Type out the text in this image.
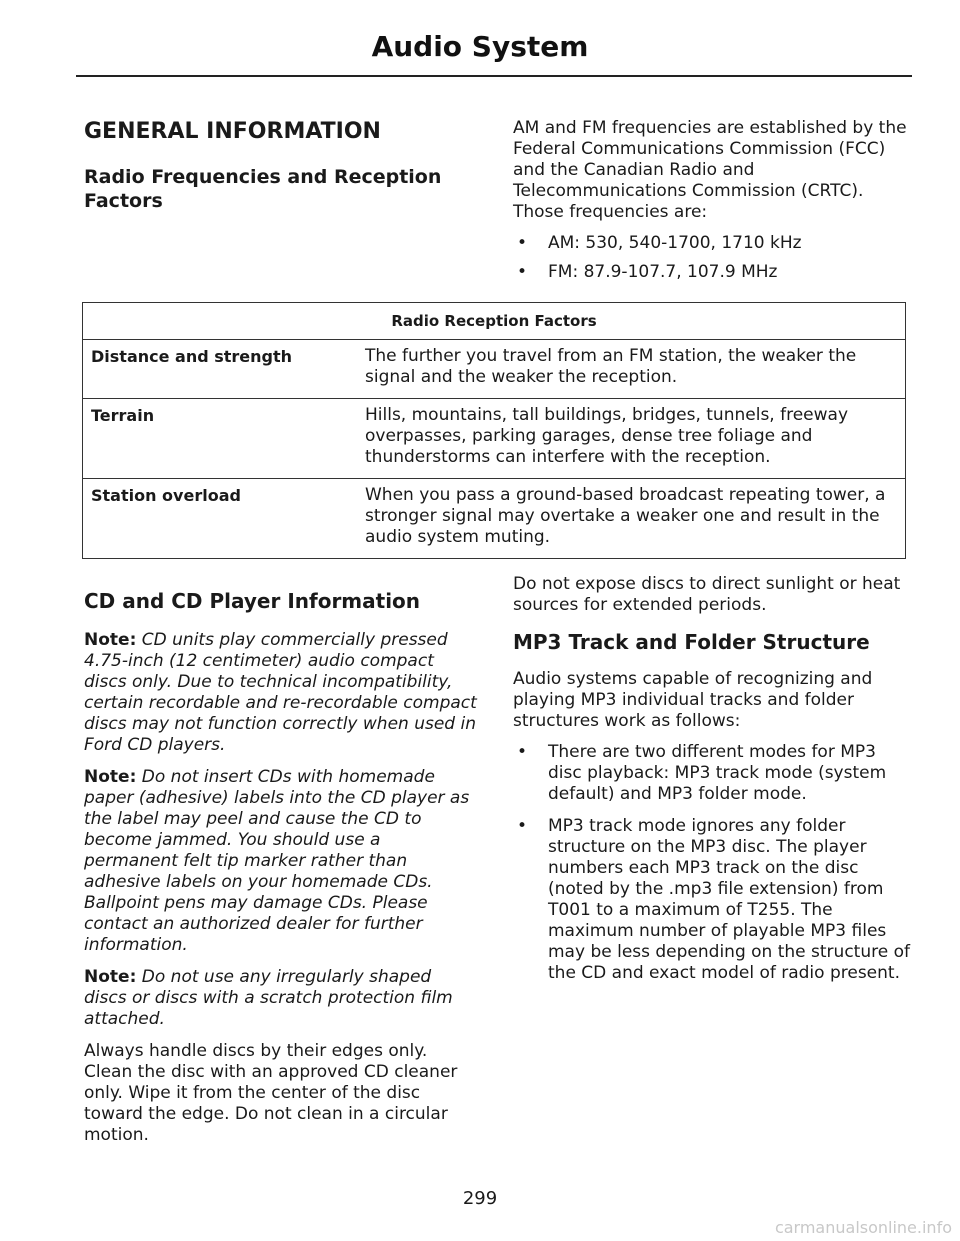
Audio System
GENERAL INFORMATION
Radio Frequencies and Reception Factors

AM and FM frequencies are established by the Federal Communications Commission (FCC) and the Canadian Radio and Telecommunications Commission (CRTC). Those frequencies are:

• AM: 530, 540-1700, 1710 kHz
• FM: 87.9-107.7, 107.9 MHz
Radio Reception Factors	
Distance and strength	The further you travel from an FM station, the weaker the signal and the weaker the reception.
Terrain	Hills, mountains, tall buildings, bridges, tunnels, freeway overpasses, parking garages, dense tree foliage and thunderstorms can interfere with the reception.
Station overload	When you pass a ground-based broadcast repeating tower, a stronger signal may overtake a weaker one and result in the audio system muting.
CD and CD Player Information

Note: CD units play commercially pressed 4.75-inch (12 centimeter) audio compact discs only. Due to technical incompatibility, certain recordable and re-recordable compact discs may not function correctly when used in Ford CD players.

Note: Do not insert CDs with homemade paper (adhesive) labels into the CD player as the label may peel and cause the CD to become jammed. You should use a permanent felt tip marker rather than adhesive labels on your homemade CDs. Ballpoint pens may damage CDs. Please contact an authorized dealer for further information.

Note: Do not use any irregularly shaped discs or discs with a scratch protection film attached.

Always handle discs by their edges only. Clean the disc with an approved CD cleaner only. Wipe it from the center of the disc toward the edge. Do not clean in a circular motion.

Do not expose discs to direct sunlight or heat sources for extended periods.

MP3 Track and Folder Structure

Audio systems capable of recognizing and playing MP3 individual tracks and folder structures work as follows:

• There are two different modes for MP3 disc playback: MP3 track mode (system default) and MP3 folder mode.
• MP3 track mode ignores any folder structure on the MP3 disc. The player numbers each MP3 track on the disc (noted by the .mp3 file extension) from T001 to a maximum of T255. The maximum number of playable MP3 files may be less depending on the structure of the CD and exact model of radio present.
299
carmanualsonline.info
